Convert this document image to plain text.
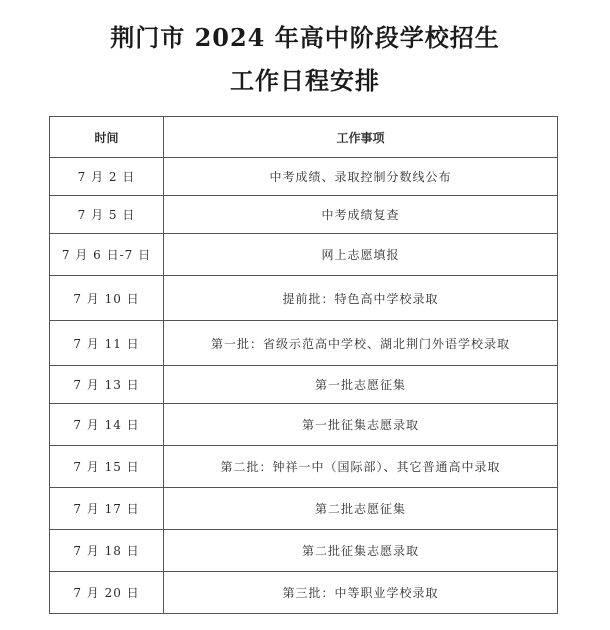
荆门市 2024 年高中阶段学校招生
工作日程安排
时间	工作事项
7 月 2 日	中考成绩、录取控制分数线公布
7 月 5 日	中考成绩复查
7 月 6 日-7 日	网上志愿填报
7 月 10 日	提前批：特色高中学校录取
7 月 11 日	第一批：省级示范高中学校、湖北荆门外语学校录取
7 月 13 日	第一批志愿征集
7 月 14 日	第一批征集志愿录取
7 月 15 日	第二批：钟祥一中（国际部）、其它普通高中录取
7 月 17 日	第二批志愿征集
7 月 18 日	第二批征集志愿录取
7 月 20 日	第三批：中等职业学校录取
